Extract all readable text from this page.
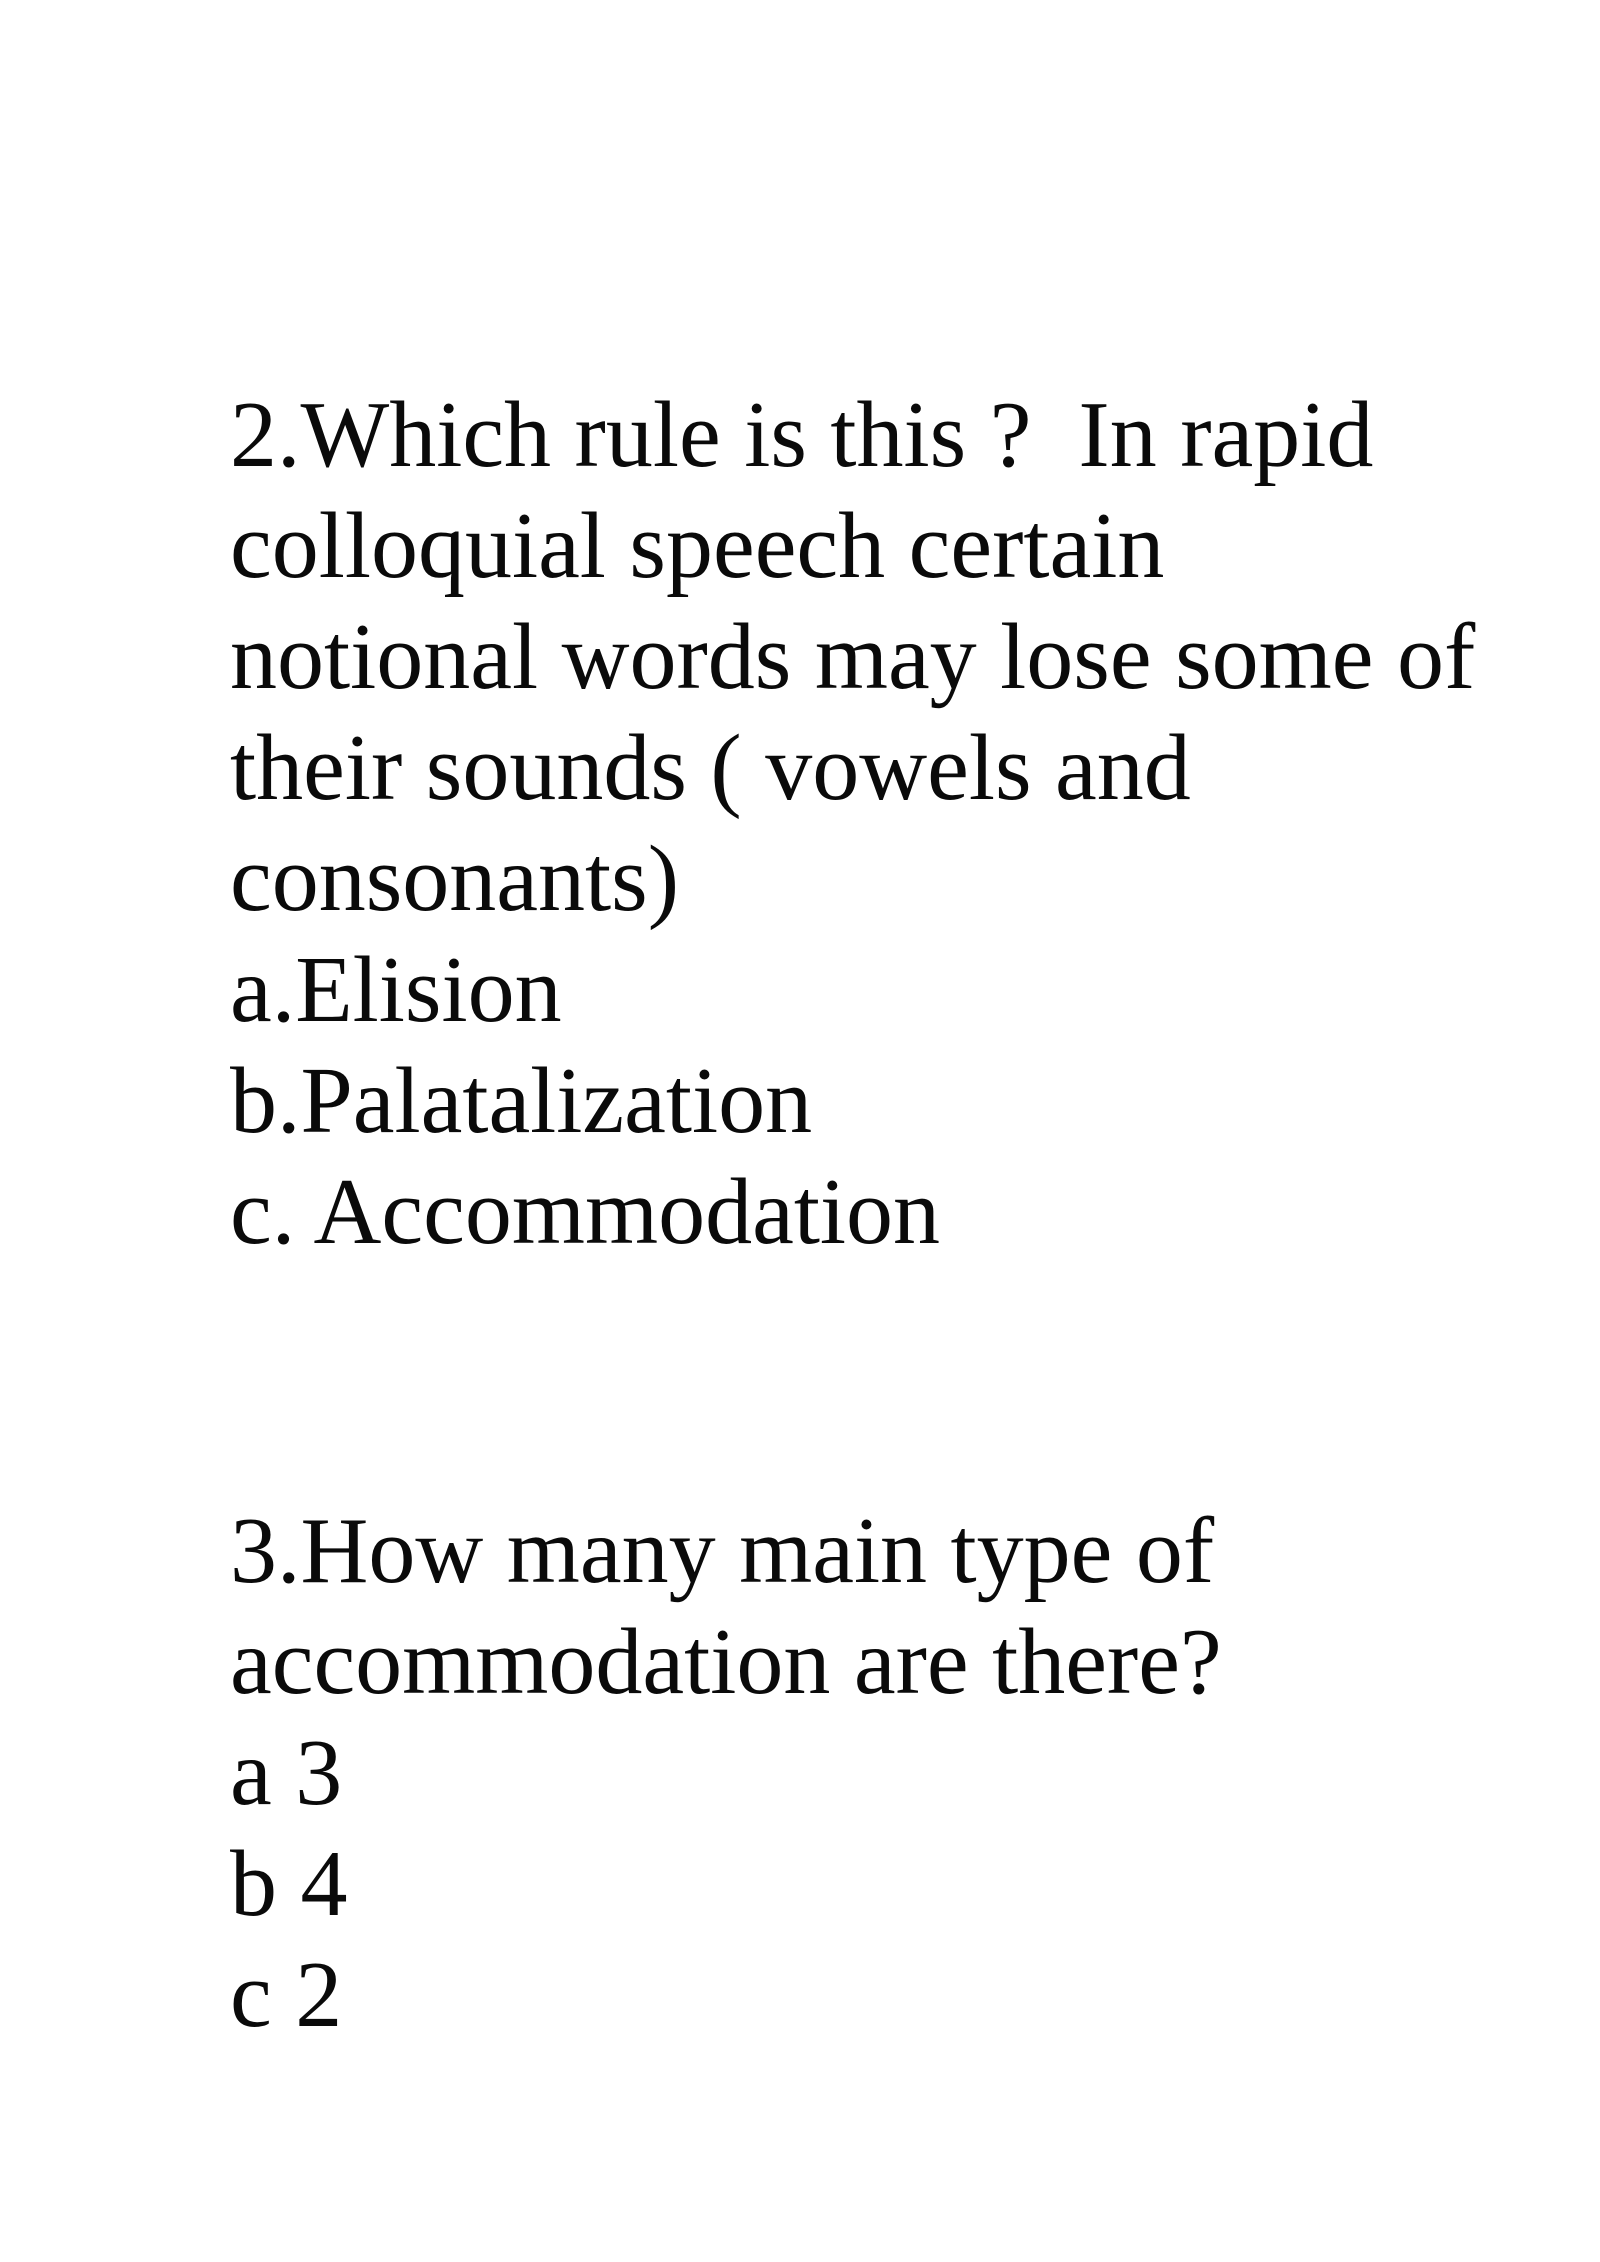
2.Which rule is this ?  In rapid
colloquial speech certain
notional words may lose some of
their sounds ( vowels and
consonants)
a.Elision
b.Palatalization
c. Accommodation
3.How many main type of
accommodation are there?
a 3
b 4
c 2
